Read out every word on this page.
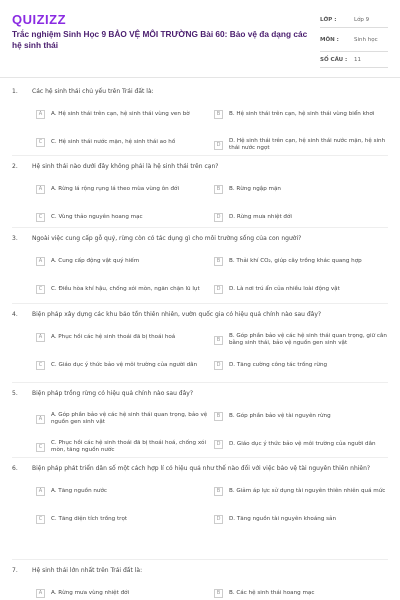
QUIZIZZ
Trắc nghiệm Sinh Học 9 BẢO VỆ MÔI TRƯỜNG Bài 60: Bảo vệ đa dạng các hệ sinh thái
LỚP :	Lớp 9
MÔN :	Sinh học
SỐ CÂU :	11
1. Các hệ sinh thái chủ yếu trên Trái đất là:
A	A. Hệ sinh thái trên cạn, hệ sinh thái vùng ven bờ	B	B. Hệ sinh thái trên cạn, hệ sinh thái vùng biển khơi
C	C. Hệ sinh thái nước mặn, hệ sinh thái ao hồ	D
D. Hệ sinh thái trên cạn, hệ sinh thái nước mặn, hệ sinh thái nước ngọt
2. Hệ sinh thái nào dưới đây không phải là hệ sinh thái trên cạn?
A	A. Rừng lá rộng rụng lá theo mùa vùng ôn đới	B	B. Rừng ngập mặn
C	C. Vùng thảo nguyên hoang mạc	D	D. Rừng mưa nhiệt đới
3. Ngoài việc cung cấp gỗ quý, rừng còn có tác dụng gì cho môi trường sống của con người?
A	A. Cung cấp động vật quý hiếm	B	B. Thải khí CO₂, giúp cây trồng khác quang hợp
C	C. Điều hòa khí hậu, chống xói mòn, ngăn chặn lũ lụt	D	D. Là nơi trú ẩn của nhiều loài động vật
4. Biện pháp xây dựng các khu bảo tồn thiên nhiên, vườn quốc gia có hiệu quả chính nào sau đây?
A	A. Phục hồi các hệ sinh thoái đã bị thoái hoá	B
B. Góp phần bảo vệ các hệ sinh thái quan trọng, giữ cân bằng sinh thái, bảo vệ nguồn gen sinh vật
C	C. Giáo dục ý thức bảo vệ môi trường của người dân	D	D. Tăng cường công tác trồng rừng
5. Biện pháp trồng rừng có hiệu quả chính nào sau đây?
A
A. Góp phần bảo vệ các hệ sinh thái quan trọng, bảo vệ nguồn gen sinh vật
B	B. Góp phần bảo vệ tài nguyên rừng
C
C. Phục hồi các hệ sinh thoái đã bị thoái hoá, chống xói mòn, tăng nguồn nước
D	D. Giáo dục ý thức bảo vệ môi trường của người dân
6. Biện pháp phát triển dân số một cách hợp lí có hiệu quả như thế nào đối với việc bảo vệ tài nguyên thiên nhiên?
A	A. Tăng nguồn nước	B	B. Giảm áp lực sử dụng tài nguyên thiên nhiên quá mức
C	C. Tăng diện tích trồng trọt	D	D. Tăng nguồn tài nguyên khoáng sản
7. Hệ sinh thái lớn nhất trên Trái đất là:
A	A. Rừng mưa vùng nhiệt đới	B	B. Các hệ sinh thái hoang mạc
